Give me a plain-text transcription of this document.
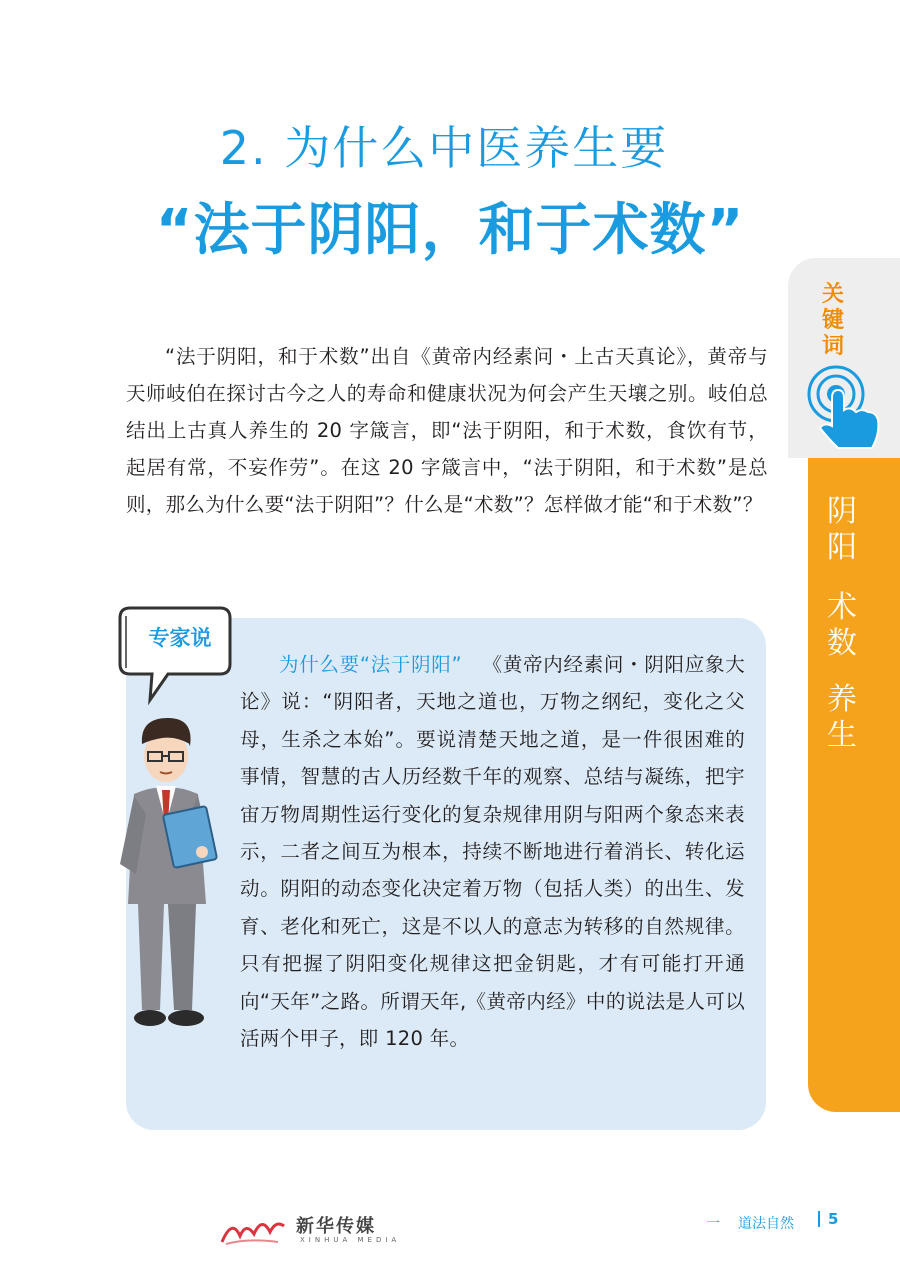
2. 为什么中医养生要
“法于阴阳，和于术数”

“法于阴阳，和于术数”出自《黄帝内经素问・上古天真论》，黄帝与天师岐伯在探讨古今之人的寿命和健康状况为何会产生天壤之别。岐伯总结出上古真人养生的 20 字箴言，即“法于阴阳，和于术数，食饮有节，起居有常，不妄作劳”。在这 20 字箴言中，“法于阴阳，和于术数”是总则，那么为什么要“法于阴阳”？什么是“术数”？怎样做才能“和于术数”？

关
键
词
阴
阳
术
数
养
生
专家说

为什么要“法于阴阳” 《黄帝内经素问・阴阳应象大论》说：“阴阳者，天地之道也，万物之纲纪，变化之父母，生杀之本始”。要说清楚天地之道，是一件很困难的事情，智慧的古人历经数千年的观察、总结与凝练，把宇宙万物周期性运行变化的复杂规律用阴与阳两个象态来表示，二者之间互为根本，持续不断地进行着消长、转化运动。阴阳的动态变化决定着万物（包括人类）的出生、发育、老化和死亡，这是不以人的意志为转移的自然规律。只有把握了阴阳变化规律这把金钥匙，才有可能打开通向“天年”之路。所谓天年,《黄帝内经》中的说法是人可以活两个甲子，即 120 年。

新华传媒
XINHUA MEDIA
一 道法自然	5
